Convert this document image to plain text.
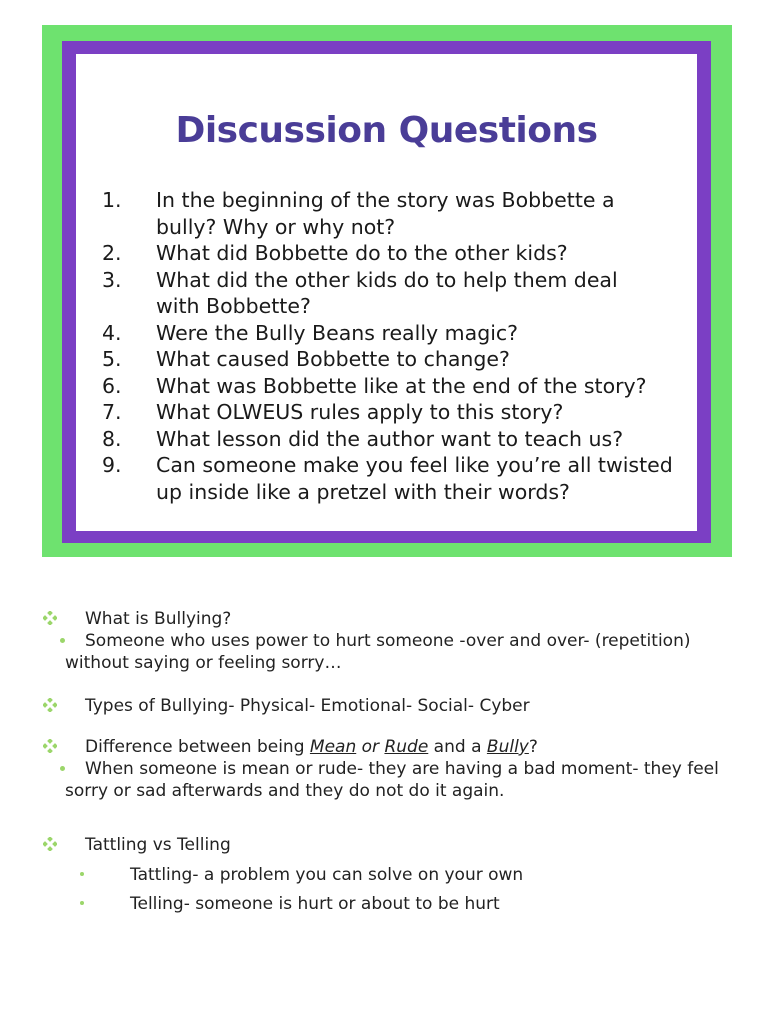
Discussion Questions
1. In the beginning of the story was Bobbette a
bully? Why or why not?
2. What did Bobbette do to the other kids?
3. What did the other kids do to help them deal
with Bobbette?
4. Were the Bully Beans really magic?
5. What caused Bobbette to change?
6. What was Bobbette like at the end of the story?
7. What OLWEUS rules apply to this story?
8. What lesson did the author want to teach us?
9. Can someone make you feel like you’re all twisted
up inside like a pretzel with their words?
What is Bullying?
Someone who uses power to hurt someone -over and over- (repetition) without saying or feeling sorry…
Types of Bullying- Physical- Emotional- Social- Cyber
Difference between being Mean or Rude and a Bully?
When someone is mean or rude- they are having a bad moment- they feel sorry or sad afterwards and they do not do it again.
Tattling vs Telling
Tattling- a problem you can solve on your own
Telling- someone is hurt or about to be hurt
